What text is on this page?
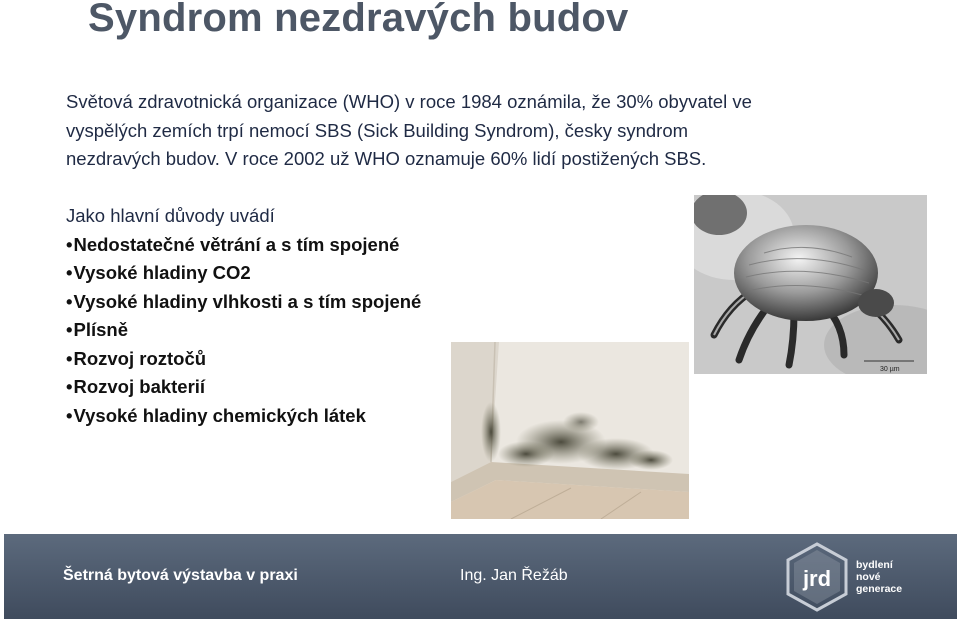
Syndrom nezdravých budov

Světová zdravotnická organizace (WHO) v roce 1984 oznámila, že 30% obyvatel ve

vyspělých zemích trpí nemocí SBS (Sick Building Syndrom), česky syndrom

nezdravých budov. V roce 2002 už WHO oznamuje 60% lidí postižených SBS.

Jako hlavní důvody uvádí
• Nedostatečné větrání a s tím spojené
• Vysoké hladiny CO2
• Vysoké hladiny vlhkosti a s tím spojené
• Plísně
• Rozvoj roztočů
• Rozvoj bakterií
• Vysoké hladiny chemických látek
30 µm
Šetrná bytová výstavba v praxi	Ing. Jan Řežáb	jrd
bydlení
nové
generace
